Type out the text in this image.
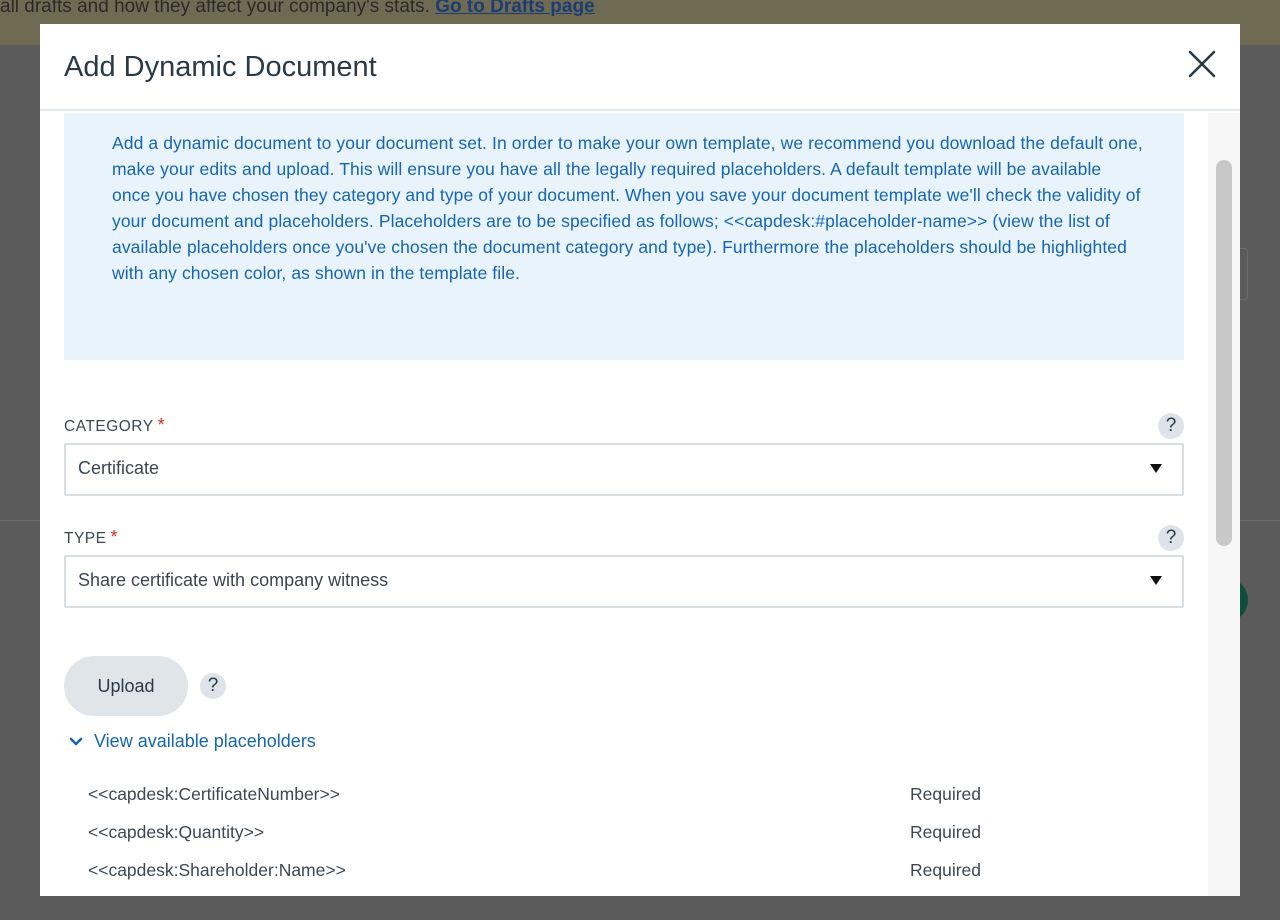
all drafts and how they affect your company's stats. Go to Drafts page
Add Dynamic Document
Add a dynamic document to your document set. In order to make your own template, we recommend you download the default one, make your edits and upload. This will ensure you have all the legally required placeholders. A default template will be available once you have chosen they category and type of your document. When you save your document template we'll check the validity of your document and placeholders. Placeholders are to be specified as follows; <<capdesk:#placeholder-name>> (view the list of available placeholders once you've chosen the document category and type). Furthermore the placeholders should be highlighted with any chosen color, as shown in the template file.
CATEGORY *	?
Certificate
TYPE *	?
Share certificate with company witness
Upload	?
View available placeholders
<<capdesk:CertificateNumber>>	Required
<<capdesk:Quantity>>	Required
<<capdesk:Shareholder:Name>>	Required
